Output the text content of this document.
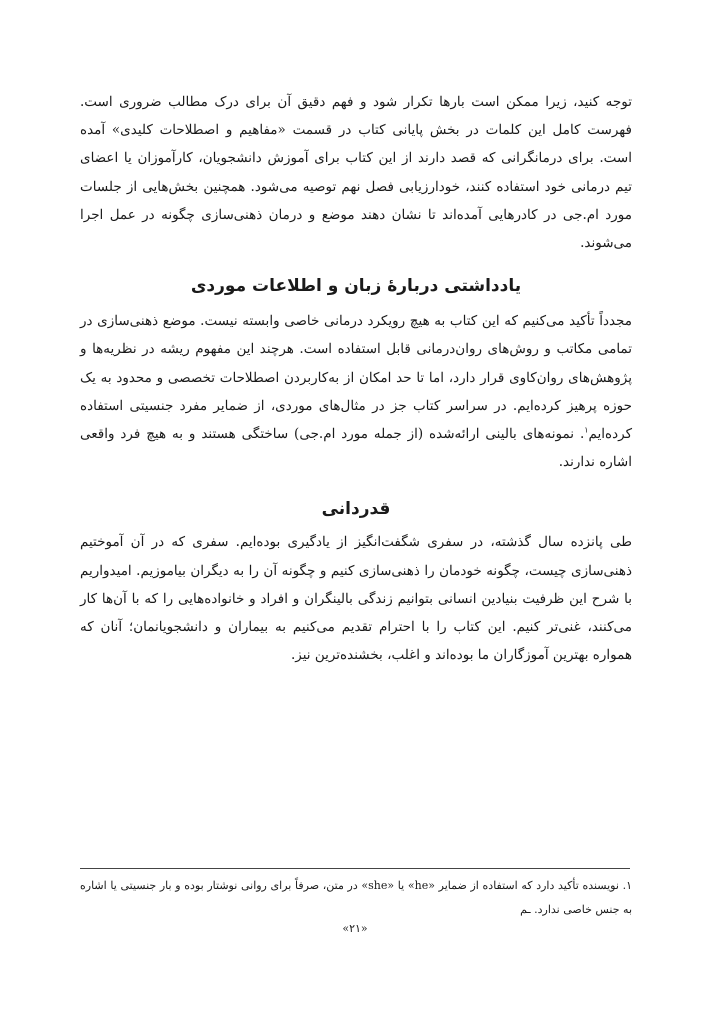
توجه کنید، زیرا ممکن است بارها تکرار شود و فهم دقیق آن برای درک مطالب ضروری است. فهرست کامل این کلمات در بخش پایانی کتاب در قسمت «مفاهیم و اصطلاحات کلیدی» آمده است. برای درمانگرانی که قصد دارند از این کتاب برای آموزش دانشجویان، کارآموزان یا اعضای تیم درمانی خود استفاده کنند، خودارزیابی فصل نهم توصیه می‌شود. همچنین بخش‌هایی از جلسات مورد ام.جی در کادرهایی آمده‌اند تا نشان دهند موضع و درمان ذهنی‌سازی چگونه در عمل اجرا می‌شوند.

یادداشتی دربارهٔ زبان و اطلاعات موردی

مجدداً تأکید می‌کنیم که این کتاب به هیچ رویکرد درمانی خاصی وابسته نیست. موضع ذهنی‌سازی در تمامی مکاتب و روش‌های روان‌درمانی قابل استفاده است. هرچند این مفهوم ریشه در نظریه‌ها و پژوهش‌های روان‌کاوی قرار دارد، اما تا حد امکان از به‌کاربردن اصطلاحات تخصصی و محدود به یک حوزه پرهیز کرده‌ایم. در سراسر کتاب جز در مثال‌های موردی، از ضمایر مفرد جنسیتی استفاده کرده‌ایم$^۱$. نمونه‌های بالینی ارائه‌شده (از جمله مورد ام.جی) ساختگی هستند و به هیچ فرد واقعی اشاره ندارند.

قدردانی

طی پانزده سال گذشته، در سفری شگفت‌انگیز از یادگیری بوده‌ایم. سفری که در آن آموختیم ذهنی‌سازی چیست، چگونه خودمان را ذهنی‌سازی کنیم و چگونه آن را به دیگران بیاموزیم. امیدواریم با شرح این ظرفیت بنیادین انسانی بتوانیم زندگی بالینگران و افراد و خانواده‌هایی را که با آن‌ها کار می‌کنند، غنی‌تر کنیم. این کتاب را با احترام تقدیم می‌کنیم به بیماران و دانشجویانمان؛ آنان که همواره بهترین آموزگاران ما بوده‌اند و اغلب، بخشنده‌ترین نیز.

۱. نویسنده تأکید دارد که استفاده از ضمایر «he» یا «she» در متن، صرفاً برای روانی نوشتار بوده و بار جنسیتی یا اشاره به جنس خاصی ندارد. ـم

«۲۱»
